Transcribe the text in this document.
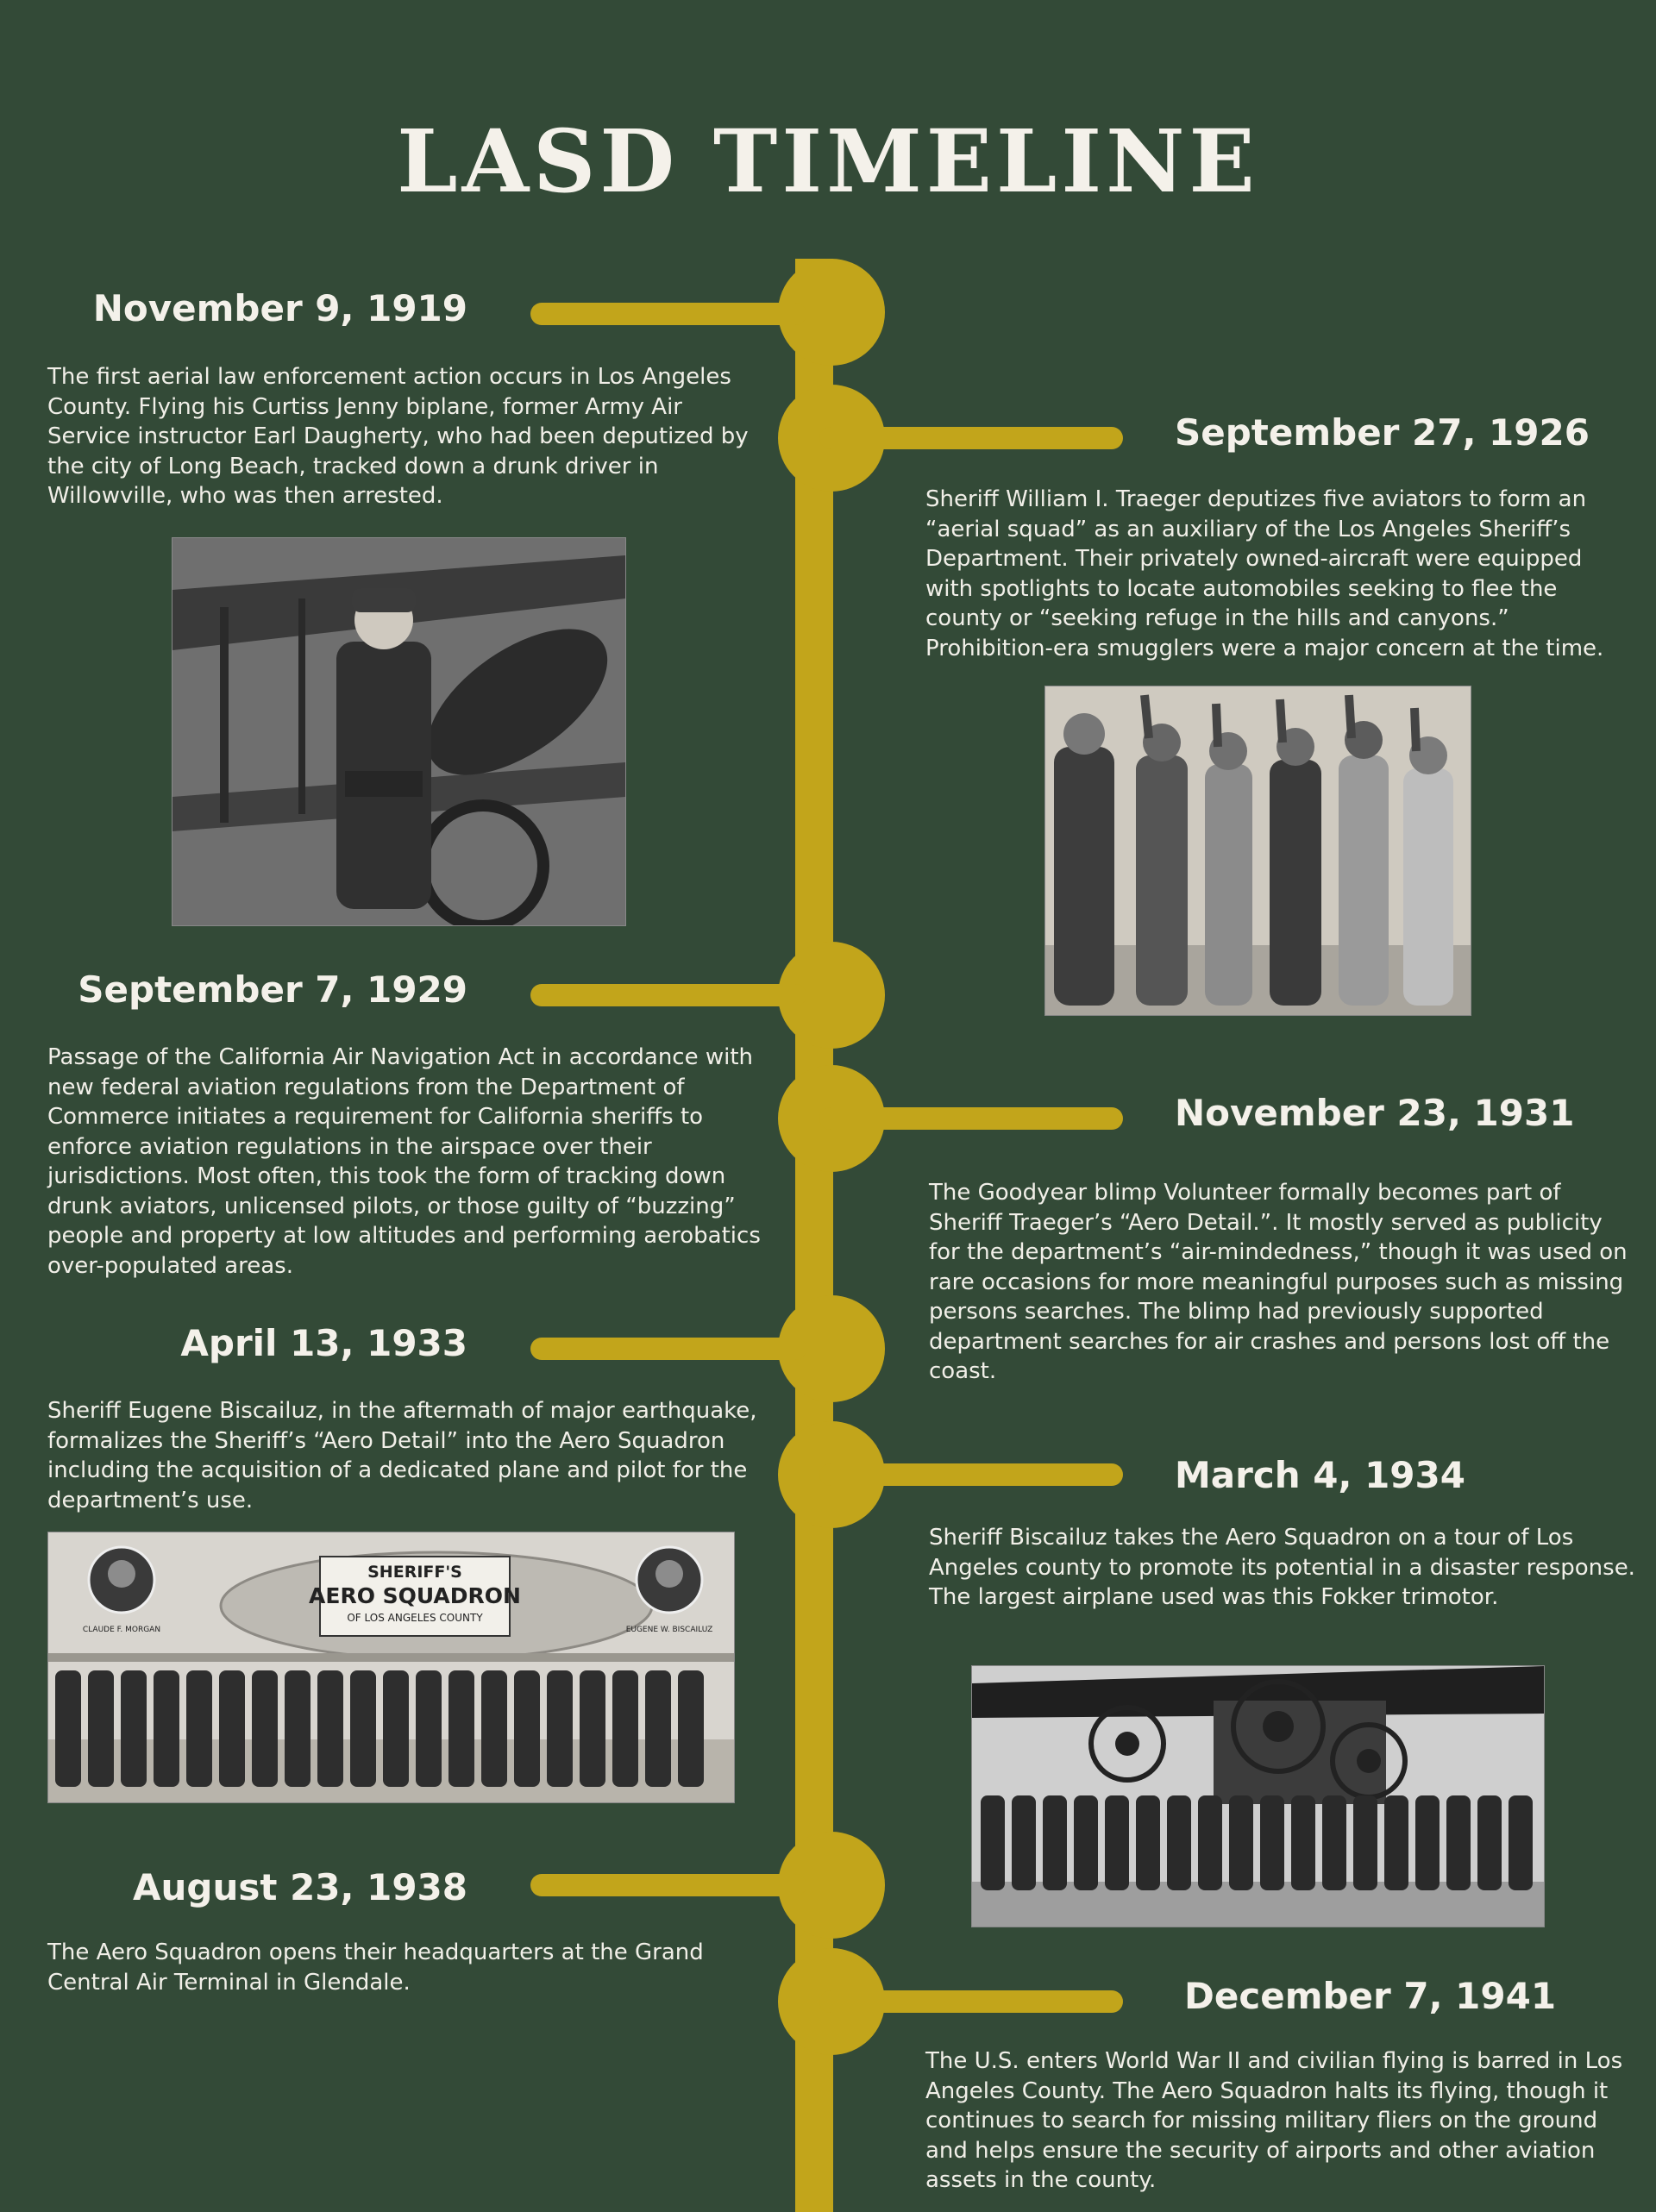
LASD TIMELINE
November 9, 1919
The first aerial law enforcement action occurs in Los Angeles County. Flying his Curtiss Jenny biplane, former Army Air Service instructor Earl Daugherty, who had been deputized by the city of Long Beach, tracked down a drunk driver in Willowville, who was then arrested.
September 27, 1926
Sheriff William I. Traeger deputizes five aviators to form an “aerial squad” as an auxiliary of the Los Angeles Sheriff’s Department. Their privately owned-aircraft were equipped with spotlights to locate automobiles seeking to flee the county or “seeking refuge in the hills and canyons.” Prohibition-era smugglers were a major concern at the time.
September 7, 1929
Passage of the California Air Navigation Act in accordance with new federal aviation regulations from the Department of Commerce initiates a requirement for California sheriffs to enforce aviation regulations in the airspace over their jurisdictions. Most often, this took the form of tracking down drunk aviators, unlicensed pilots, or those guilty of “buzzing” people and property at low altitudes and performing aerobatics over-populated areas.
November 23, 1931
The Goodyear blimp Volunteer formally becomes part of Sheriff Traeger’s “Aero Detail.”. It mostly served as publicity for the department’s “air-mindedness,” though it was used on rare occasions for more meaningful purposes such as missing persons searches. The blimp had previously supported department searches for air crashes and persons lost off the coast.
April 13, 1933
Sheriff Eugene Biscailuz, in the aftermath of major earthquake, formalizes the Sheriff’s “Aero Detail” into the Aero Squadron including the acquisition of a dedicated plane and pilot for the department’s use.
SHERIFF'S
AERO SQUADRON
OF LOS ANGELES COUNTY
CLAUDE F. MORGAN	EUGENE W. BISCAILUZ
March 4, 1934
Sheriff Biscailuz takes the Aero Squadron on a tour of Los Angeles county to promote its potential in a disaster response. The largest airplane used was this Fokker trimotor.
August 23, 1938
The Aero Squadron opens their headquarters at the Grand Central Air Terminal in Glendale.	December 7, 1941
The U.S. enters World War II and civilian flying is barred in Los Angeles County. The Aero Squadron halts its flying, though it continues to search for missing military fliers on the ground and helps ensure the security of airports and other aviation assets in the county.
